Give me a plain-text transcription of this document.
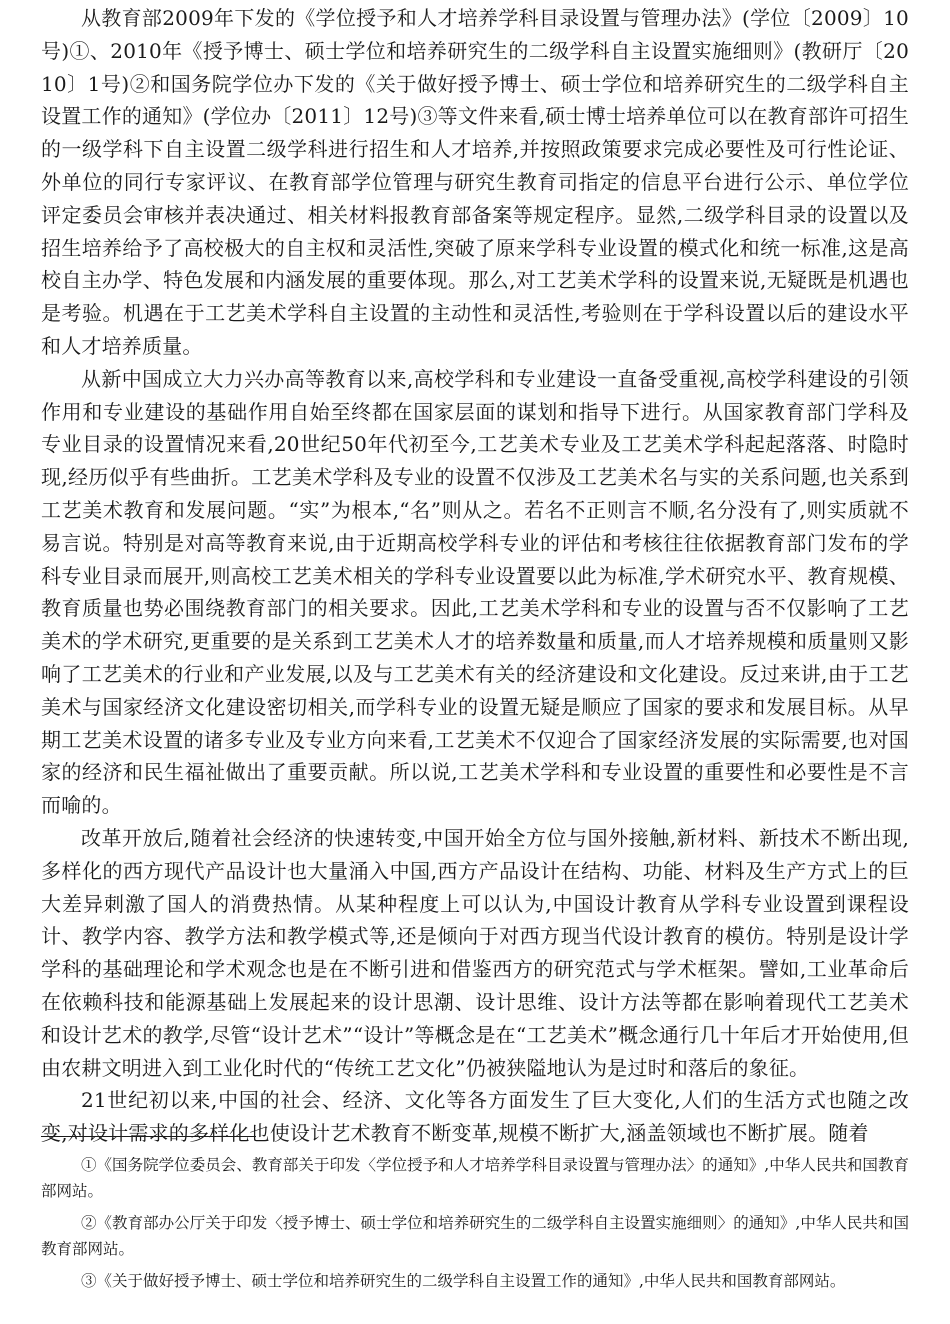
从教育部2009年下发的《学位授予和人才培养学科目录设置与管理办法》(学位〔2009〕10号)①、2010年《授予博士、硕士学位和培养研究生的二级学科自主设置实施细则》(教研厅〔2010〕1号)②和国务院学位办下发的《关于做好授予博士、硕士学位和培养研究生的二级学科自主设置工作的通知》(学位办〔2011〕12号)③等文件来看,硕士博士培养单位可以在教育部许可招生的一级学科下自主设置二级学科进行招生和人才培养,并按照政策要求完成必要性及可行性论证、外单位的同行专家评议、在教育部学位管理与研究生教育司指定的信息平台进行公示、单位学位评定委员会审核并表决通过、相关材料报教育部备案等规定程序。显然,二级学科目录的设置以及招生培养给予了高校极大的自主权和灵活性,突破了原来学科专业设置的模式化和统一标准,这是高校自主办学、特色发展和内涵发展的重要体现。那么,对工艺美术学科的设置来说,无疑既是机遇也是考验。机遇在于工艺美术学科自主设置的主动性和灵活性,考验则在于学科设置以后的建设水平和人才培养质量。

从新中国成立大力兴办高等教育以来,高校学科和专业建设一直备受重视,高校学科建设的引领作用和专业建设的基础作用自始至终都在国家层面的谋划和指导下进行。从国家教育部门学科及专业目录的设置情况来看,20世纪50年代初至今,工艺美术专业及工艺美术学科起起落落、时隐时现,经历似乎有些曲折。工艺美术学科及专业的设置不仅涉及工艺美术名与实的关系问题,也关系到工艺美术教育和发展问题。“实”为根本,“名”则从之。若名不正则言不顺,名分没有了,则实质就不易言说。特别是对高等教育来说,由于近期高校学科专业的评估和考核往往依据教育部门发布的学科专业目录而展开,则高校工艺美术相关的学科专业设置要以此为标准,学术研究水平、教育规模、教育质量也势必围绕教育部门的相关要求。因此,工艺美术学科和专业的设置与否不仅影响了工艺美术的学术研究,更重要的是关系到工艺美术人才的培养数量和质量,而人才培养规模和质量则又影响了工艺美术的行业和产业发展,以及与工艺美术有关的经济建设和文化建设。反过来讲,由于工艺美术与国家经济文化建设密切相关,而学科专业的设置无疑是顺应了国家的要求和发展目标。从早期工艺美术设置的诸多专业及专业方向来看,工艺美术不仅迎合了国家经济发展的实际需要,也对国家的经济和民生福祉做出了重要贡献。所以说,工艺美术学科和专业设置的重要性和必要性是不言而喻的。

改革开放后,随着社会经济的快速转变,中国开始全方位与国外接触,新材料、新技术不断出现,多样化的西方现代产品设计也大量涌入中国,西方产品设计在结构、功能、材料及生产方式上的巨大差异刺激了国人的消费热情。从某种程度上可以认为,中国设计教育从学科专业设置到课程设计、教学内容、教学方法和教学模式等,还是倾向于对西方现当代设计教育的模仿。特别是设计学学科的基础理论和学术观念也是在不断引进和借鉴西方的研究范式与学术框架。譬如,工业革命后在依赖科技和能源基础上发展起来的设计思潮、设计思维、设计方法等都在影响着现代工艺美术和设计艺术的教学,尽管“设计艺术”“设计”等概念是在“工艺美术”概念通行几十年后才开始使用,但由农耕文明进入到工业化时代的“传统工艺文化”仍被狭隘地认为是过时和落后的象征。

21世纪初以来,中国的社会、经济、文化等各方面发生了巨大变化,人们的生活方式也随之改变,对设计需求的多样化也使设计艺术教育不断变革,规模不断扩大,涵盖领域也不断扩展。随着

①《国务院学位委员会、教育部关于印发〈学位授予和人才培养学科目录设置与管理办法〉的通知》,中华人民共和国教育部网站。

②《教育部办公厅关于印发〈授予博士、硕士学位和培养研究生的二级学科自主设置实施细则〉的通知》,中华人民共和国教育部网站。

③《关于做好授予博士、硕士学位和培养研究生的二级学科自主设置工作的通知》,中华人民共和国教育部网站。
